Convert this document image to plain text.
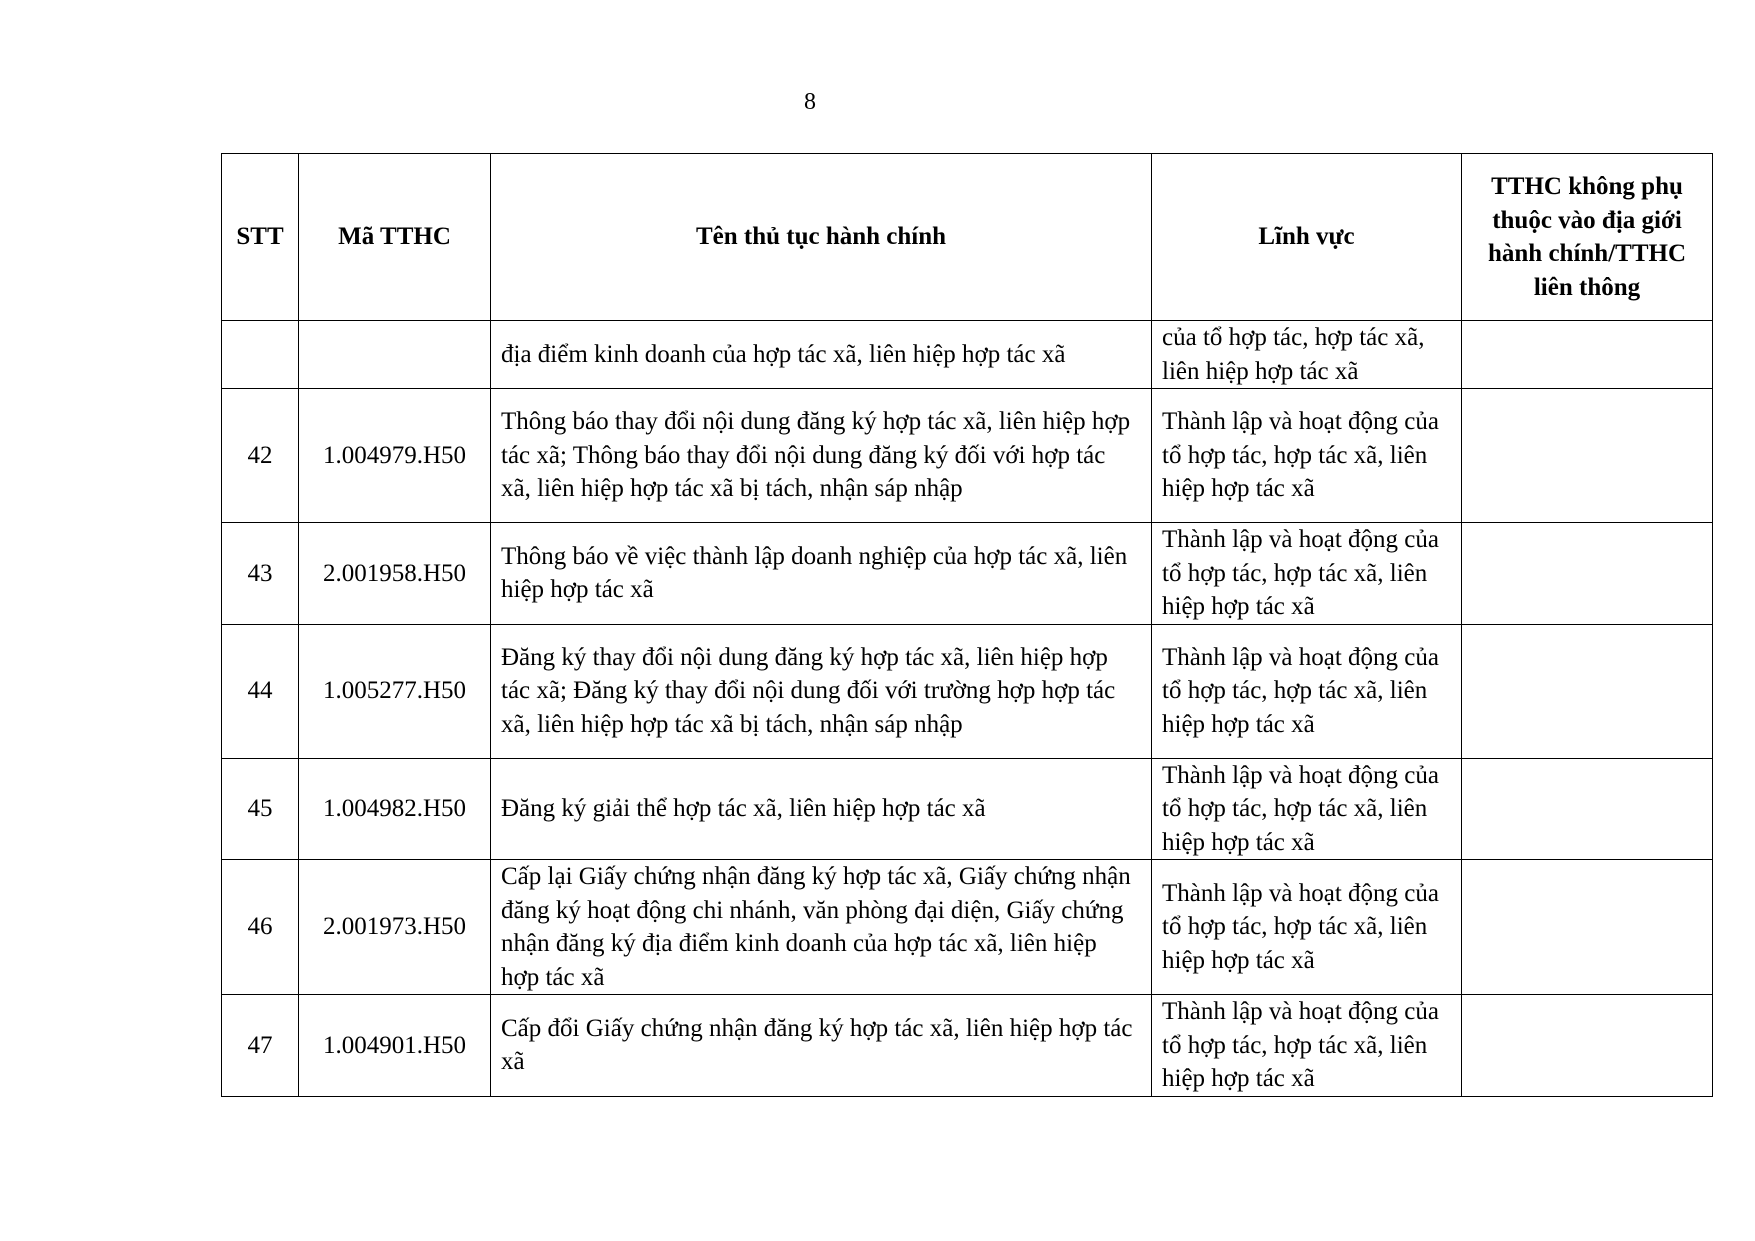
8
STT	Mã TTHC	Tên thủ tục hành chính	Lĩnh vực	TTHC không phụ thuộc vào địa giới hành chính/TTHC liên thông
		địa điểm kinh doanh của hợp tác xã, liên hiệp hợp tác xã	của tổ hợp tác, hợp tác xã, liên hiệp hợp tác xã	
42	1.004979.H50	Thông báo thay đổi nội dung đăng ký hợp tác xã, liên hiệp hợp tác xã; Thông báo thay đổi nội dung đăng ký đối với hợp tác xã, liên hiệp hợp tác xã bị tách, nhận sáp nhập	Thành lập và hoạt động của tổ hợp tác, hợp tác xã, liên hiệp hợp tác xã	
43	2.001958.H50	Thông báo về việc thành lập doanh nghiệp của hợp tác xã, liên hiệp hợp tác xã	Thành lập và hoạt động của tổ hợp tác, hợp tác xã, liên hiệp hợp tác xã	
44	1.005277.H50	Đăng ký thay đổi nội dung đăng ký hợp tác xã, liên hiệp hợp tác xã; Đăng ký thay đổi nội dung đối với trường hợp hợp tác xã, liên hiệp hợp tác xã bị tách, nhận sáp nhập	Thành lập và hoạt động của tổ hợp tác, hợp tác xã, liên hiệp hợp tác xã	
45	1.004982.H50	Đăng ký giải thể hợp tác xã, liên hiệp hợp tác xã	Thành lập và hoạt động của tổ hợp tác, hợp tác xã, liên hiệp hợp tác xã	
46	2.001973.H50	Cấp lại Giấy chứng nhận đăng ký hợp tác xã, Giấy chứng nhận đăng ký hoạt động chi nhánh, văn phòng đại diện, Giấy chứng nhận đăng ký địa điểm kinh doanh của hợp tác xã, liên hiệp hợp tác xã	Thành lập và hoạt động của tổ hợp tác, hợp tác xã, liên hiệp hợp tác xã	
47	1.004901.H50	Cấp đổi Giấy chứng nhận đăng ký hợp tác xã, liên hiệp hợp tác xã	Thành lập và hoạt động của tổ hợp tác, hợp tác xã, liên hiệp hợp tác xã	
